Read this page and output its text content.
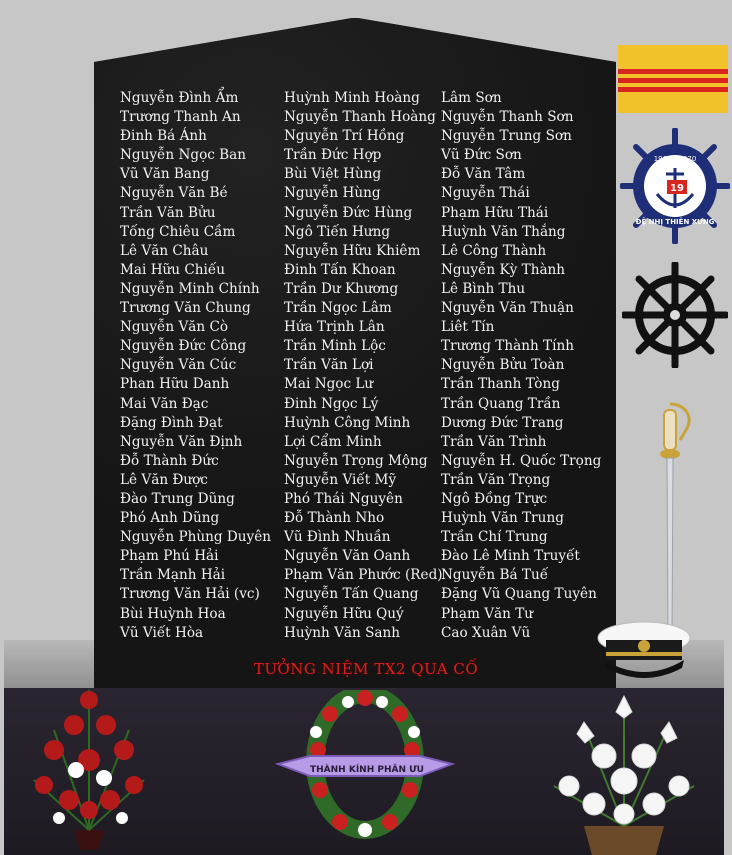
Nguyễn Đình Ẩm
Trương Thanh An
Đinh Bá Ánh
Nguyễn Ngọc Ban
Vũ Văn Bang
Nguyễn Văn Bé
Trần Văn Bửu
Tống Chiêu Cầm
Lê Văn Châu
Mai Hữu Chiếu
Nguyễn Minh Chính
Trương Văn Chung
Nguyễn Văn Cò
Nguyễn Đức Công
Nguyễn Văn Cúc
Phan Hữu Danh
Mai Văn Đạc
Đặng Đình Đạt
Nguyễn Văn Định
Đỗ Thành Đức
Lê Văn Được
Đào Trung Dũng
Phó Anh Dũng
Nguyễn Phùng Duyên
Phạm Phú Hải
Trần Mạnh Hải
Trương Văn Hải (vc)
Bùi Huỳnh Hoa
Vũ Viết Hòa
Huỳnh Minh Hoàng
Nguyễn Thanh Hoàng
Nguyễn Trí Hồng
Trần Đức Hợp
Bùi Việt Hùng
Nguyễn Hùng
Nguyễn Đức Hùng
Ngô Tiến Hưng
Nguyễn Hữu Khiêm
Đinh Tấn Khoan
Trần Dư Khương
Trần Ngọc Lâm
Hứa Trịnh Lân
Trần Minh Lộc
Trần Văn Lợi
Mai Ngọc Lư
Đinh Ngọc Lý
Huỳnh Công Minh
Lợi Cẩm Minh
Nguyễn Trọng Mộng
Nguyễn Viết Mỹ
Phó Thái Nguyên
Đỗ Thành Nho
Vũ Đình Nhuần
Nguyễn Văn Oanh
Phạm Văn Phước (Red)
Nguyễn Tấn Quang
Nguyễn Hữu Quý
Huỳnh Văn Sanh
Lâm Sơn
Nguyễn Thanh Sơn
Nguyễn Trung Sơn
Vũ Đức Sơn
Đỗ Văn Tâm
Nguyễn Thái
Phạm Hữu Thái
Huỳnh Văn Thắng
Lê Công Thành
Nguyễn Kỳ Thành
Lê Bình Thu
Nguyễn Văn Thuận
Liêt Tín
Trương Thành Tính
Nguyễn Bửu Toàn
Trần Thanh Tòng
Trần Quang Trần
Dương Đức Trang
Trần Văn Trình
Nguyễn H. Quốc Trọng
Trần Văn Trọng
Ngô Đồng Trực
Huỳnh Văn Trung
Trần Chí Trung
Đào Lê Minh Truyết
Nguyễn Bá Tuế
Đặng Vũ Quang Tuyên
Phạm Văn Tư
Cao Xuân Vũ
TƯỞNG NIỆM TX2 QUA CỐ
1968 - 1970
19
ĐỆ NHỊ THIÊN XUNG
THÀNH KÍNH PHÂN ƯU
